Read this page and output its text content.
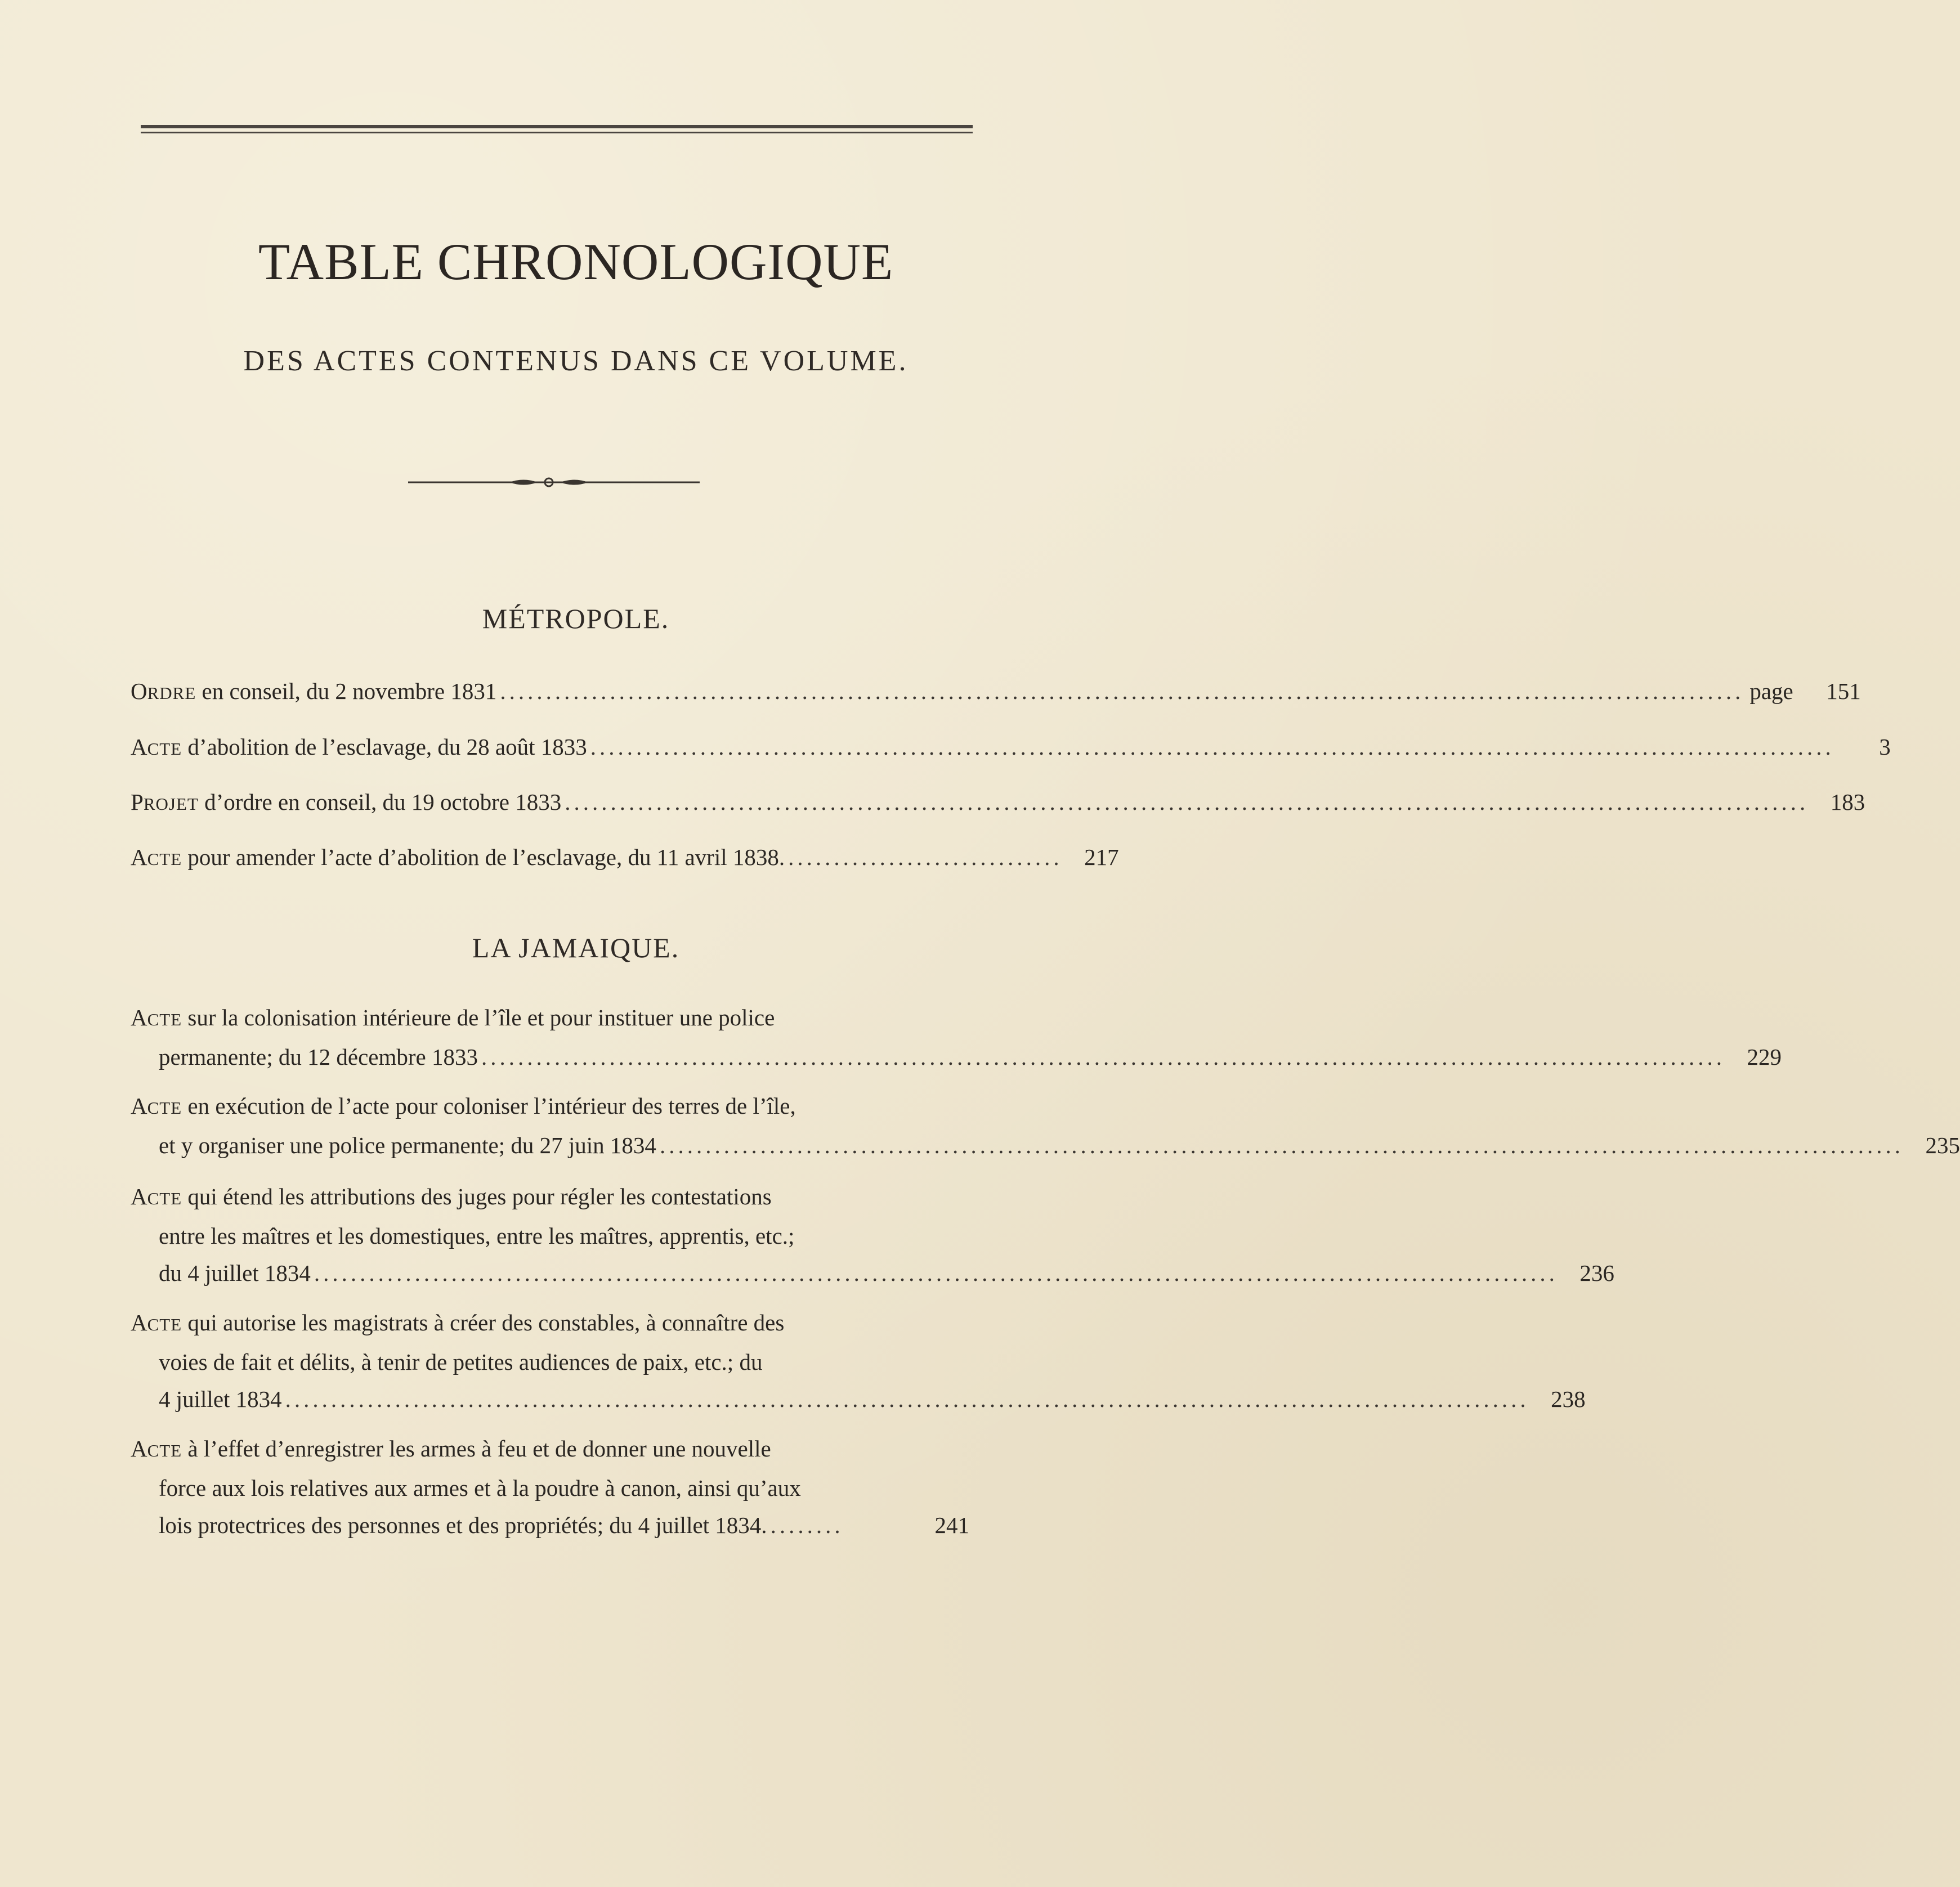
TABLE CHRONOLOGIQUE
DES ACTES CONTENUS DANS CE VOLUME.
MÉTROPOLE.
ORDRE en conseil, du 2 novembre 1831 ........................................................................................................................................ page	151
ACTE d’abolition de l’esclavage, du 28 août 1833 ........................................................................................................................................	3
PROJET d’ordre en conseil, du 19 octobre 1833 ........................................................................................................................................ 183
ACTE pour amender l’acte d’abolition de l’esclavage, du 11 avril 1838. .............................. 217
LA JAMAIQUE.
ACTE sur la colonisation intérieure de l’île et pour instituer une police
permanente; du 12 décembre 1833 ........................................................................................................................................ 229
ACTE en exécution de l’acte pour coloniser l’intérieur des terres de l’île,
et y organiser une police permanente; du 27 juin 1834 ........................................................................................................................................ 235
ACTE qui étend les attributions des juges pour régler les contestations
entre les maîtres et les domestiques, entre les maîtres, apprentis, etc.;
du 4 juillet 1834 ........................................................................................................................................ 236
ACTE qui autorise les magistrats à créer des constables, à connaître des
voies de fait et délits, à tenir de petites audiences de paix, etc.; du
4 juillet 1834 ........................................................................................................................................ 238
ACTE à l’effet d’enregistrer les armes à feu et de donner une nouvelle
force aux lois relatives aux armes et à la poudre à canon, ainsi qu’aux
lois protectrices des personnes et des propriétés; du 4 juillet 1834. ........	241
